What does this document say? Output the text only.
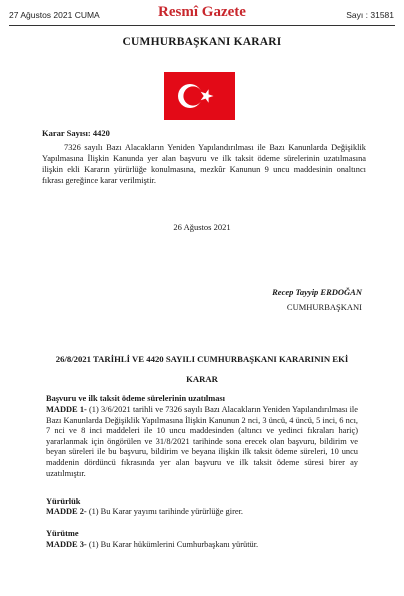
27 Ağustos 2021 CUMA	Resmî Gazete	Sayı : 31581
CUMHURBAŞKANI KARARI
Karar Sayısı: 4420
7326 sayılı Bazı Alacakların Yeniden Yapılandırılması ile Bazı Kanunlarda Değişiklik Yapılmasına İlişkin Kanunda yer alan başvuru ve ilk taksit ödeme sürelerinin uzatılmasına ilişkin ekli Kararın yürürlüğe konulmasına, mezkûr Kanunun 9 uncu maddesinin onaltıncı fıkrası gereğince karar verilmiştir.
26 Ağustos 2021
Recep Tayyip ERDOĞAN
CUMHURBAŞKANI
26/8/2021 TARİHLİ VE 4420 SAYILI CUMHURBAŞKANI KARARININ EKİ
KARAR
Başvuru ve ilk taksit ödeme sürelerinin uzatılması
MADDE 1- (1) 3/6/2021 tarihli ve 7326 sayılı Bazı Alacakların Yeniden Yapılandırılması ile Bazı Kanunlarda Değişiklik Yapılmasına İlişkin Kanunun 2 nci, 3 üncü, 4 üncü, 5 inci, 6 ncı, 7 nci ve 8 inci maddeleri ile 10 uncu maddesinden (altıncı ve yedinci fıkraları hariç) yararlanmak için öngörülen ve 31/8/2021 tarihinde sona erecek olan başvuru, bildirim ve beyan süreleri ile bu başvuru, bildirim ve beyana ilişkin ilk taksit ödeme süreleri, 10 uncu maddenin dördüncü fıkrasında yer alan başvuru ve ilk taksit ödeme süresi birer ay uzatılmıştır.
Yürürlük
MADDE 2- (1) Bu Karar yayımı tarihinde yürürlüğe girer.
Yürütme
MADDE 3- (1) Bu Karar hükümlerini Cumhurbaşkanı yürütür.
